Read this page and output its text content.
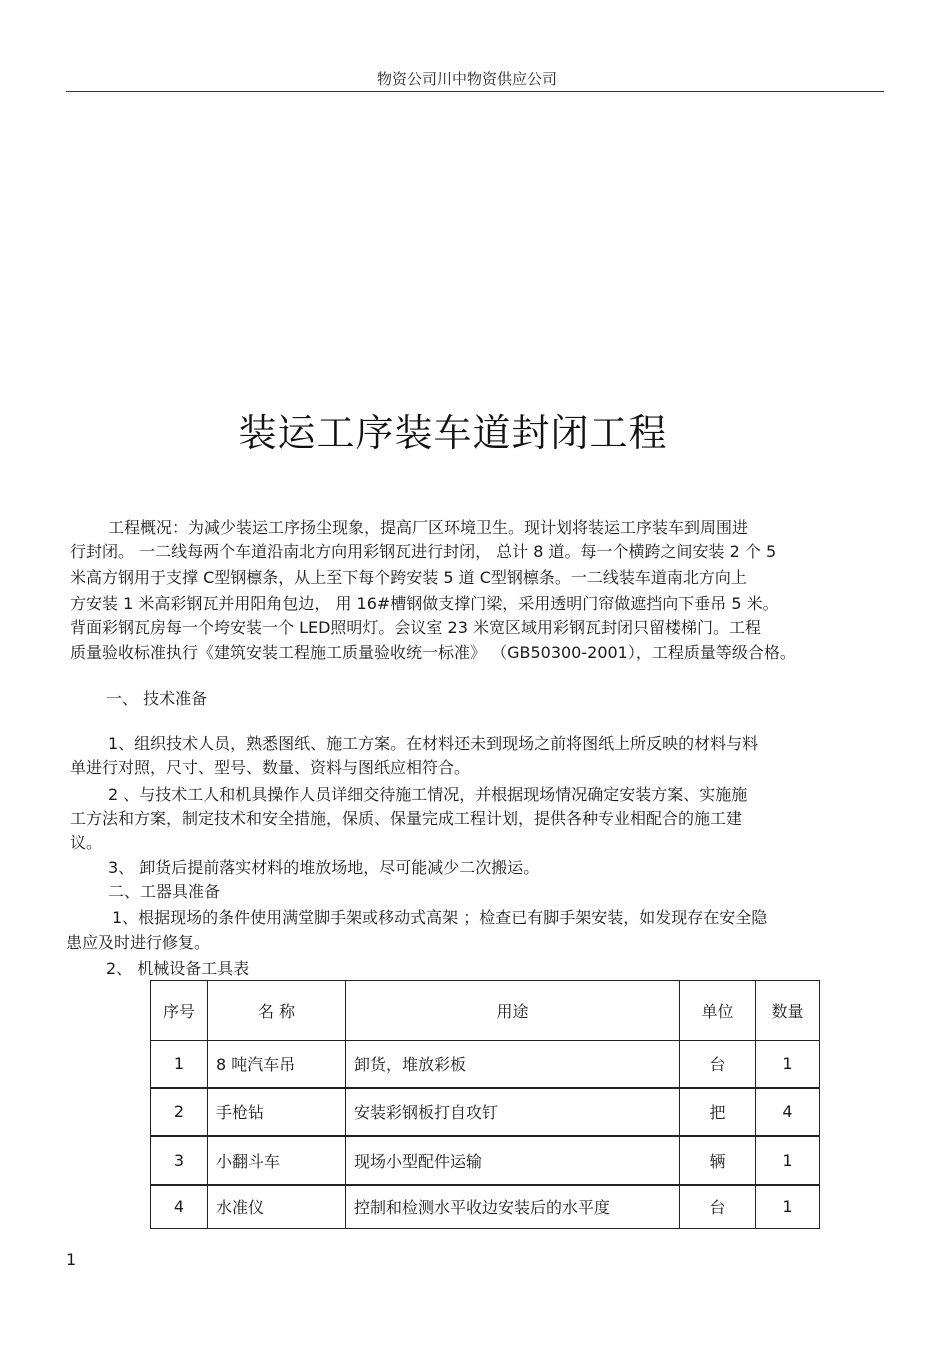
物资公司川中物资供应公司
装运工序装车道封闭工程
工程概况：为减少装运工序扬尘现象，提高厂区环境卫生。现计划将装运工序装车到周围进
行封闭。 一二线每两个车道沿南北方向用彩钢瓦进行封闭， 总计 8 道。每一个横跨之间安装 2 个 5
米高方钢用于支撑 C型钢檩条，从上至下每个跨安装 5 道 C型钢檩条。一二线装车道南北方向上
方安装 1 米高彩钢瓦并用阳角包边， 用 16#槽钢做支撑门梁，采用透明门帘做遮挡向下垂吊 5 米。
背面彩钢瓦房每一个垮安装一个 LED照明灯。会议室 23 米宽区域用彩钢瓦封闭只留楼梯门。工程
质量验收标准执行《建筑安装工程施工质量验收统一标准》 （GB50300-2001），工程质量等级合格。
一、 技术准备
1、组织技术人员，熟悉图纸、施工方案。在材料还未到现场之前将图纸上所反映的材料与料
单进行对照，尺寸、型号、数量、资料与图纸应相符合。
2 、与技术工人和机具操作人员详细交待施工情况，并根据现场情况确定安装方案、实施施
工方法和方案，制定技术和安全措施，保质、保量完成工程计划，提供各种专业相配合的施工建
议。
3、 卸货后提前落实材料的堆放场地，尽可能减少二次搬运。
二、工器具准备
1、根据现场的条件使用满堂脚手架或移动式高架 ；检查已有脚手架安装，如发现存在安全隐
患应及时进行修复。
2、 机械设备工具表
序号	名 称	用途	单位	数量
1	8 吨汽车吊	卸货，堆放彩板	台	1
2	手枪钻	安装彩钢板打自攻钉	把	4
3	小翻斗车	现场小型配件运输	辆	1
4	水准仪	控制和检测水平收边安装后的水平度	台	1
1
